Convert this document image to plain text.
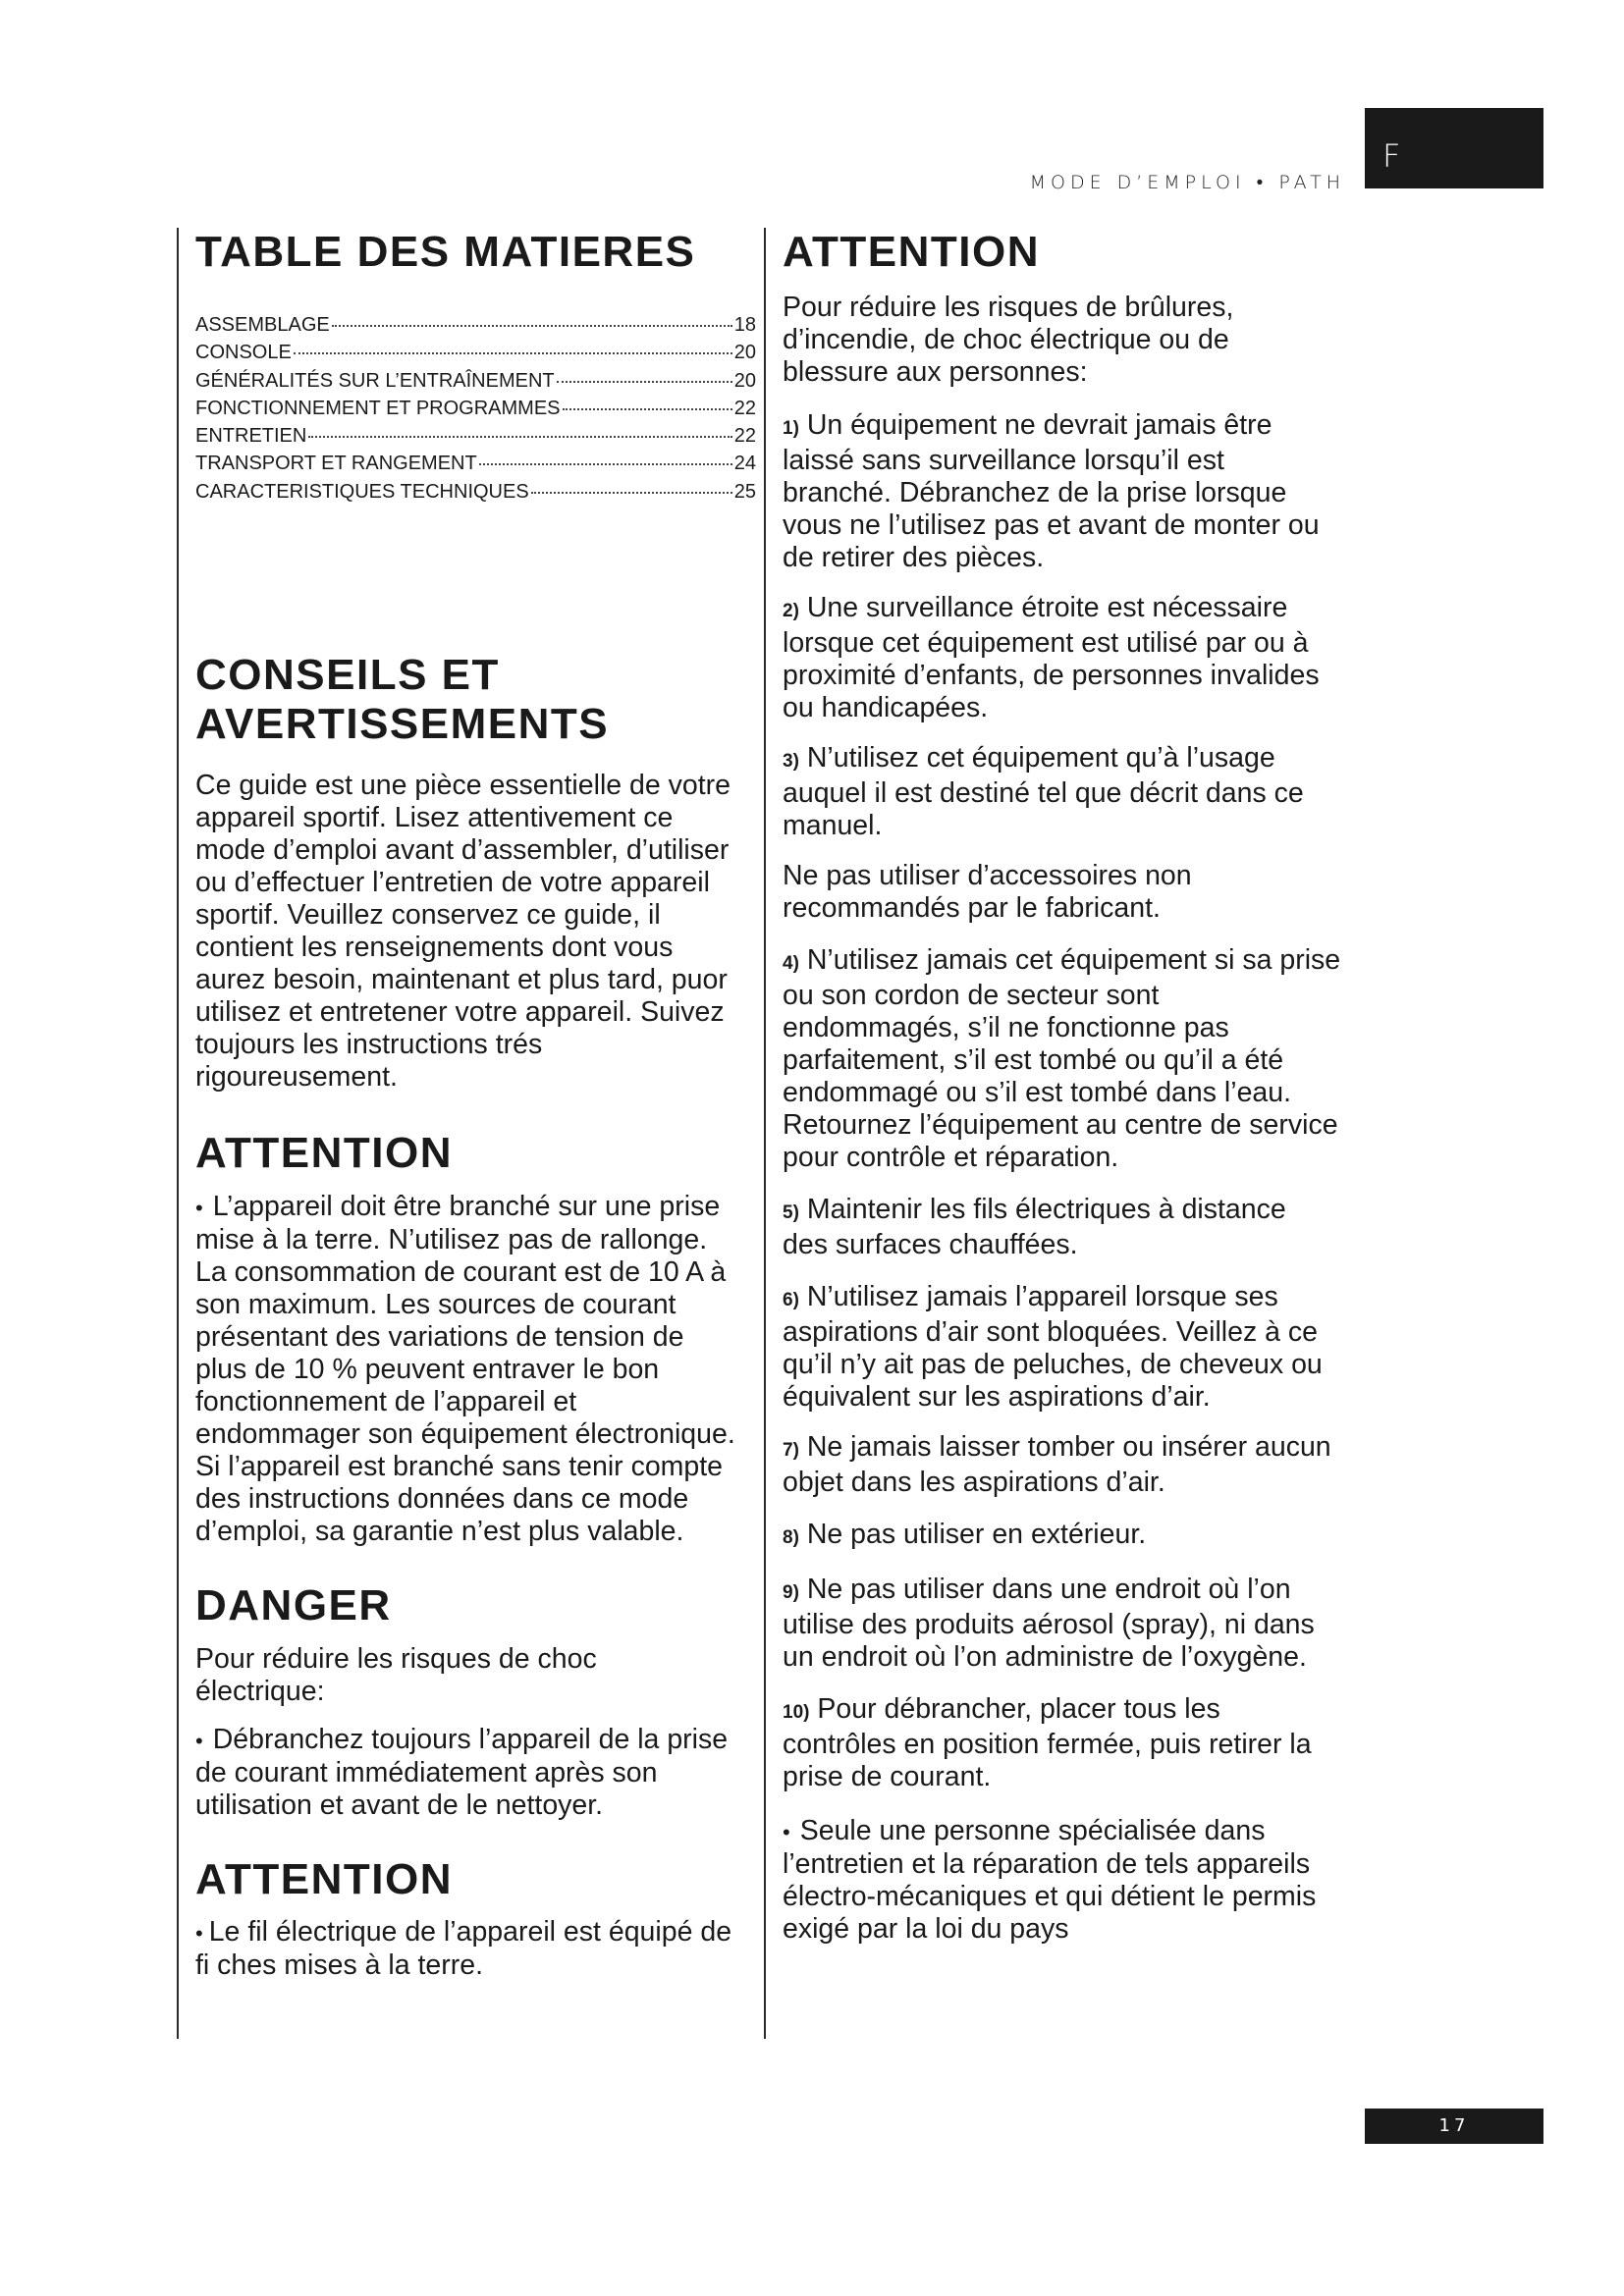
MODE D’EMPLOI • PATH
F
TABLE DES MATIERES
ASSEMBLAGE	18
CONSOLE	20
GÉNÉRALITÉS SUR L’ENTRAÎNEMENT	20
FONCTIONNEMENT ET PROGRAMMES	22
ENTRETIEN	22
TRANSPORT ET RANGEMENT	24
CARACTERISTIQUES TECHNIQUES	25
CONSEILS ET
AVERTISSEMENTS

Ce guide est une pièce essentielle de votre appareil sportif. Lisez attentivement ce mode d’emploi avant d’assembler, d’utiliser ou d’effectuer l’entretien de votre appareil sportif. Veuillez conservez ce guide, il contient les renseignements dont vous aurez besoin, maintenant et plus tard, puor utilisez et entretener votre appareil. Suivez toujours les instructions trés rigoureusement.

ATTENTION

• L’appareil doit être branché sur une prise mise à la terre. N’utilisez pas de rallonge. La consommation de courant est de 10 A à son maximum. Les sources de courant présentant des variations de tension de plus de 10 % peuvent entraver le bon fonctionnement de l’appareil et endommager son équipement électronique. Si l’appareil est branché sans tenir compte des instructions données dans ce mode d’emploi, sa garantie n’est plus valable.

DANGER

Pour réduire les risques de choc électrique:

• Débranchez toujours l’appareil de la prise de courant immédiatement après son utilisation et avant de le nettoyer.

ATTENTION

• Le fil électrique de l’appareil est équipé de fi ches mises à la terre.

ATTENTION

Pour réduire les risques de brûlures, d’incendie, de choc électrique ou de blessure aux personnes:

1) Un équipement ne devrait jamais être laissé sans surveillance lorsqu’il est branché. Débranchez de la prise lorsque vous ne l’utilisez pas et avant de monter ou de retirer des pièces.

2) Une surveillance étroite est nécessaire lorsque cet équipement est utilisé par ou à proximité d’enfants, de personnes invalides ou handicapées.

3) N’utilisez cet équipement qu’à l’usage auquel il est destiné tel que décrit dans ce manuel.

Ne pas utiliser d’accessoires non recommandés par le fabricant.

4) N’utilisez jamais cet équipement si sa prise ou son cordon de secteur sont endommagés, s’il ne fonctionne pas parfaitement, s’il est tombé ou qu’il a été endommagé ou s’il est tombé dans l’eau. Retournez l’équipement au centre de service pour contrôle et réparation.

5) Maintenir les fils électriques à distance des surfaces chauffées.

6) N’utilisez jamais l’appareil lorsque ses aspirations d’air sont bloquées. Veillez à ce qu’il n’y ait pas de peluches, de cheveux ou équivalent sur les aspirations d’air.

7) Ne jamais laisser tomber ou insérer aucun objet dans les aspirations d’air.

8) Ne pas utiliser en extérieur.

9) Ne pas utiliser dans une endroit où l’on utilise des produits aérosol (spray), ni dans un endroit où l’on administre de l’oxygène.

10) Pour débrancher, placer tous les contrôles en position fermée, puis retirer la prise de courant.

• Seule une personne spécialisée dans l’entretien et la réparation de tels appareils électro-mécaniques et qui détient le permis exigé par la loi du pays

17
